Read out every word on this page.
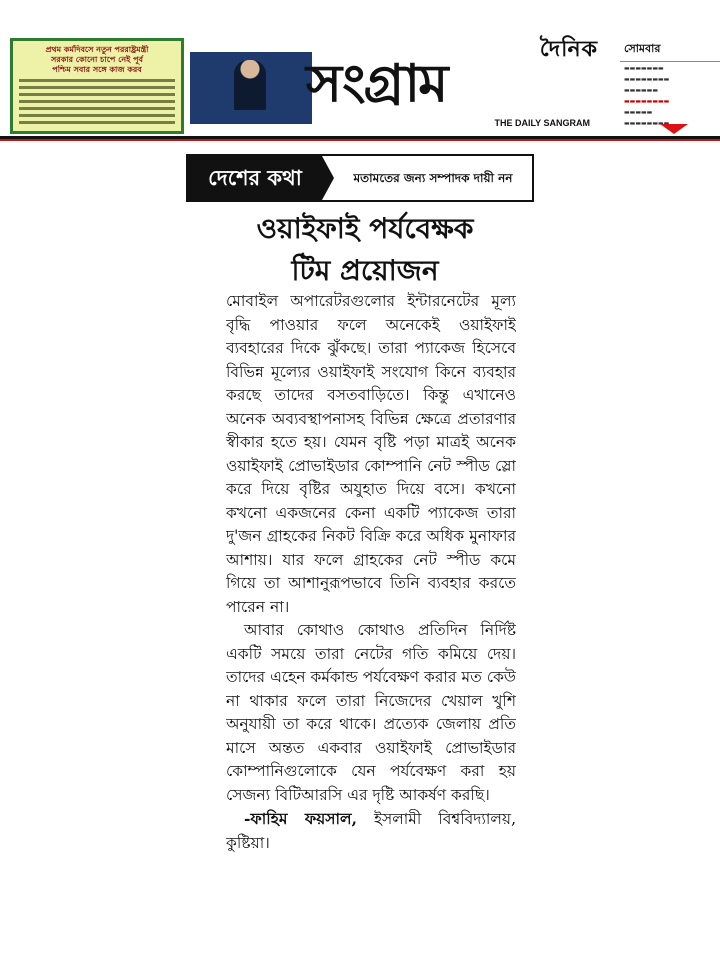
প্রথম কর্মদিবসে নতুন পররাষ্ট্রমন্ত্রী
সরকার কোনো চাপে নেই পূর্ব
পশ্চিম সবার সঙ্গে কাজ করব
দৈনিক
সংগ্রাম
THE DAILY SANGRAM
সোমবার
▬▬▬▬▬▬▬
▬▬▬▬▬▬▬▬
▬▬▬▬▬▬
▬▬▬▬▬▬▬▬
▬▬▬▬▬
▬▬▬▬▬▬▬▬
দেশের কথা	মতামতের জন্য সম্পাদক দায়ী নন
ওয়াইফাই পর্যবেক্ষক
টিম প্রয়োজন

মোবাইল অপারেটরগুলোর ইন্টারনেটের মূল্য বৃদ্ধি পাওয়ার ফলে অনেকেই ওয়াইফাই ব্যবহারের দিকে ঝুঁকছে। তারা প্যাকেজ হিসেবে বিভিন্ন মূল্যের ওয়াইফাই সংযোগ কিনে ব্যবহার করছে তাদের বসতবাড়িতে। কিন্তু এখানেও অনেক অব্যবস্থাপনাসহ বিভিন্ন ক্ষেত্রে প্রতারণার স্বীকার হতে হয়। যেমন বৃষ্টি পড়া মাত্রই অনেক ওয়াইফাই প্রোভাইডার কোম্পানি নেট স্পীড স্লো করে দিয়ে বৃষ্টির অযুহাত দিয়ে বসে। কখনো কখনো একজনের কেনা একটি প্যাকেজ তারা দু'জন গ্রাহকের নিকট বিক্রি করে অধিক মুনাফার আশায়। যার ফলে গ্রাহকের নেট স্পীড কমে গিয়ে তা আশানুরূপভাবে তিনি ব্যবহার করতে পারেন না।

আবার কোথাও কোথাও প্রতিদিন নির্দিষ্ট একটি সময়ে তারা নেটের গতি কমিয়ে দেয়। তাদের এহেন কর্মকান্ড পর্যবেক্ষণ করার মত কেউ না থাকার ফলে তারা নিজেদের খেয়াল খুশি অনুযায়ী তা করে থাকে। প্রত্যেক জেলায় প্রতি মাসে অন্তত একবার ওয়াইফাই প্রোভাইডার কোম্পানিগুলোকে যেন পর্যবেক্ষণ করা হয় সেজন্য বিটিআরসি এর দৃষ্টি আকর্ষণ করছি।

-ফাহিম ফয়সাল, ইসলামী বিশ্ববিদ্যালয়, কুষ্টিয়া।
